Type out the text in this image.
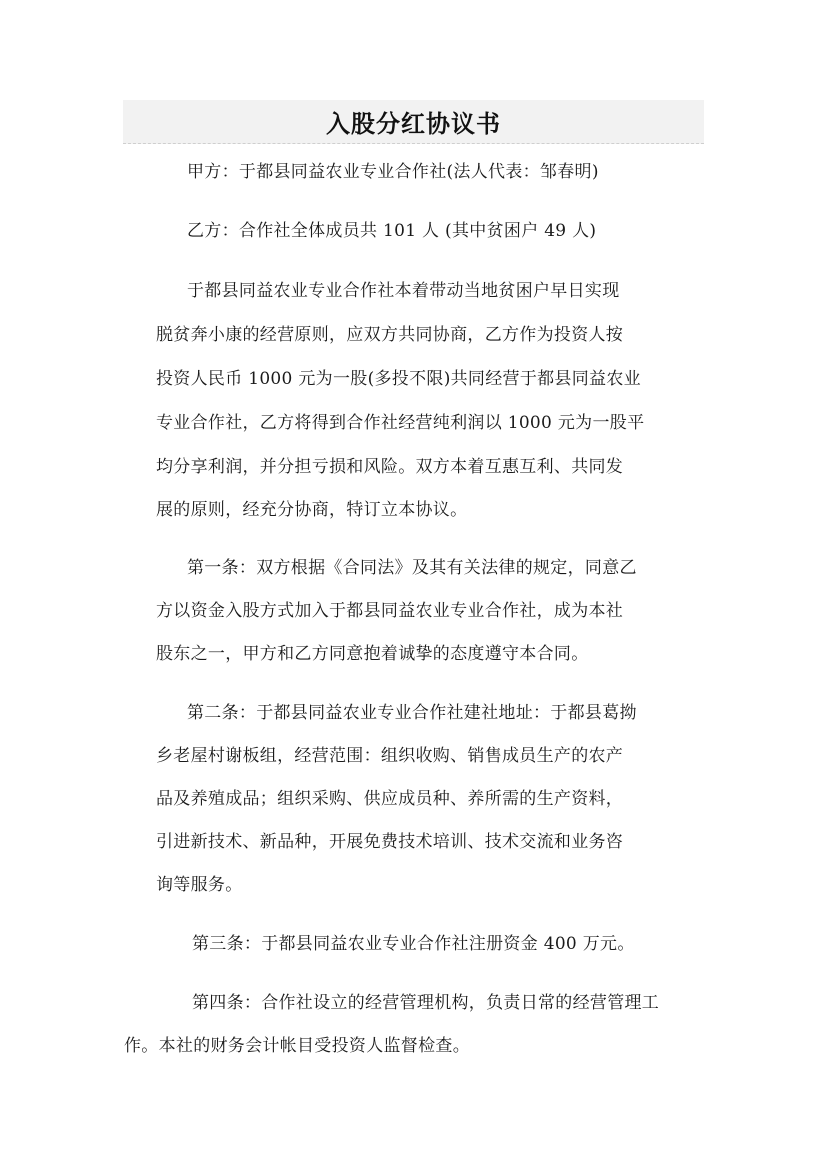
入股分红协议书
甲方：于都县同益农业专业合作社(法人代表：邹春明)
乙方：合作社全体成员共 101 人 (其中贫困户 49 人)
于都县同益农业专业合作社本着带动当地贫困户早日实现
脱贫奔小康的经营原则，应双方共同协商，乙方作为投资人按
投资人民币 1000 元为一股(多投不限)共同经营于都县同益农业
专业合作社，乙方将得到合作社经营纯利润以 1000 元为一股平
均分享利润，并分担亏损和风险。双方本着互惠互利、共同发
展的原则，经充分协商，特订立本协议。
第一条：双方根据《合同法》及其有关法律的规定，同意乙
方以资金入股方式加入于都县同益农业专业合作社，成为本社
股东之一，甲方和乙方同意抱着诚挚的态度遵守本合同。
第二条：于都县同益农业专业合作社建社地址：于都县葛拗
乡老屋村谢板组，经营范围：组织收购、销售成员生产的农产
品及养殖成品；组织采购、供应成员种、养所需的生产资料，
引进新技术、新品种，开展免费技术培训、技术交流和业务咨
询等服务。
第三条：于都县同益农业专业合作社注册资金 400 万元。
第四条：合作社设立的经营管理机构，负责日常的经营管理工
作。本社的财务会计帐目受投资人监督检查。
